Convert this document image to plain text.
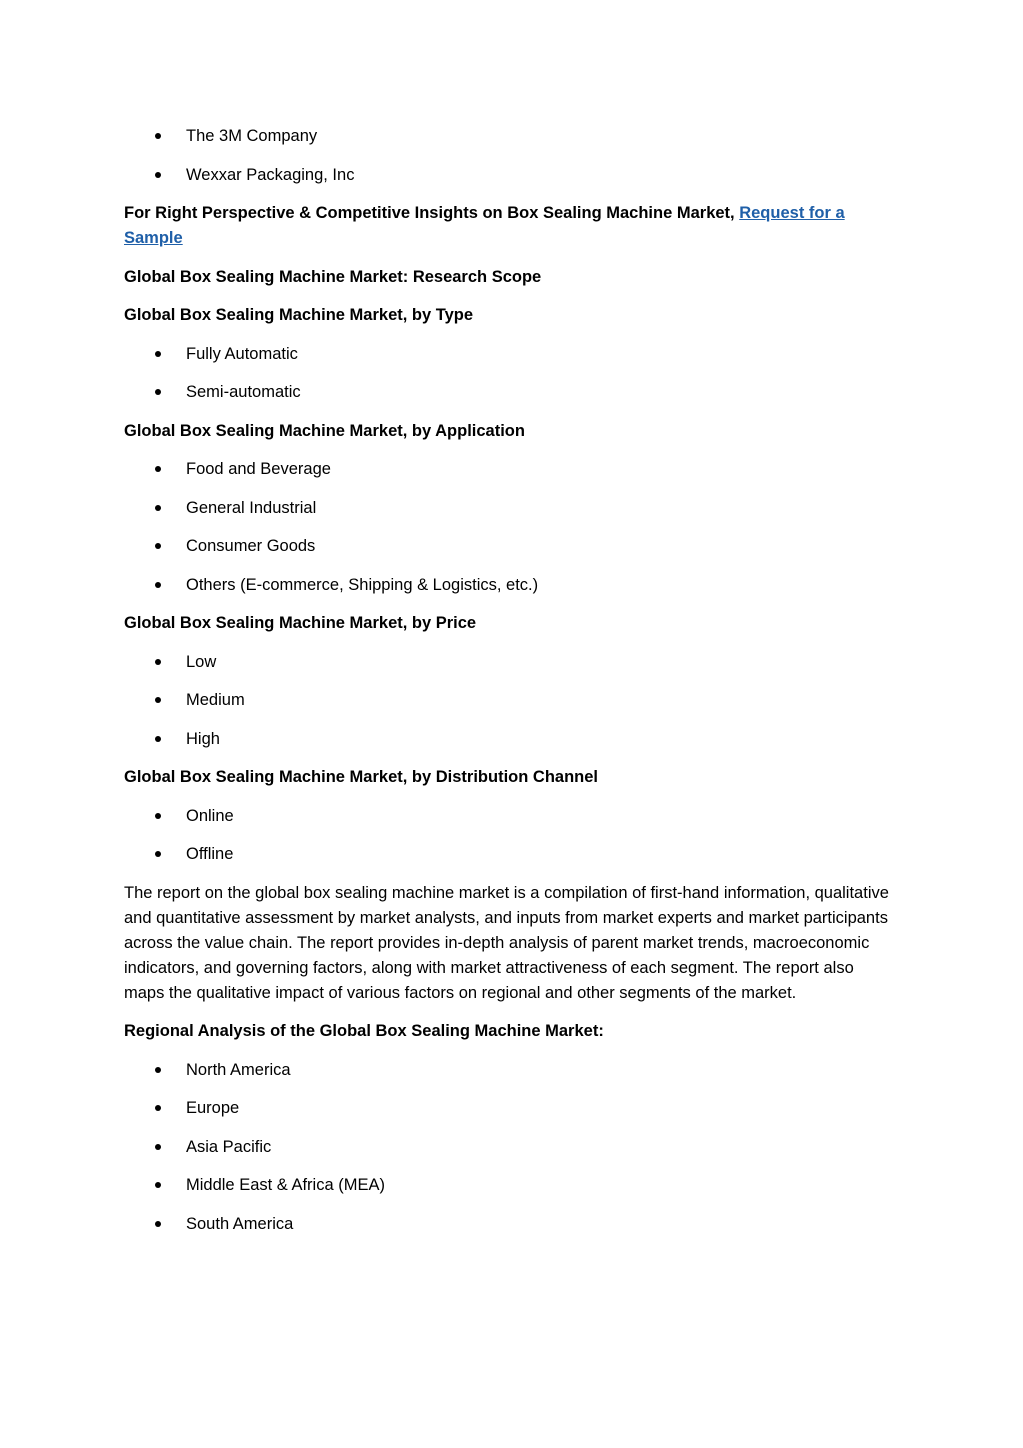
The 3M Company
Wexxar Packaging, Inc

For Right Perspective & Competitive Insights on Box Sealing Machine Market, Request for a Sample

Global Box Sealing Machine Market: Research Scope

Global Box Sealing Machine Market, by Type

Fully Automatic
Semi-automatic

Global Box Sealing Machine Market, by Application

Food and Beverage
General Industrial
Consumer Goods
Others (E-commerce, Shipping & Logistics, etc.)

Global Box Sealing Machine Market, by Price

Low
Medium
High

Global Box Sealing Machine Market, by Distribution Channel

Online
Offline

The report on the global box sealing machine market is a compilation of first-hand information, qualitative and quantitative assessment by market analysts, and inputs from market experts and market participants across the value chain. The report provides in-depth analysis of parent market trends, macroeconomic indicators, and governing factors, along with market attractiveness of each segment. The report also maps the qualitative impact of various factors on regional and other segments of the market.

Regional Analysis of the Global Box Sealing Machine Market:

North America
Europe
Asia Pacific
Middle East & Africa (MEA)
South America
